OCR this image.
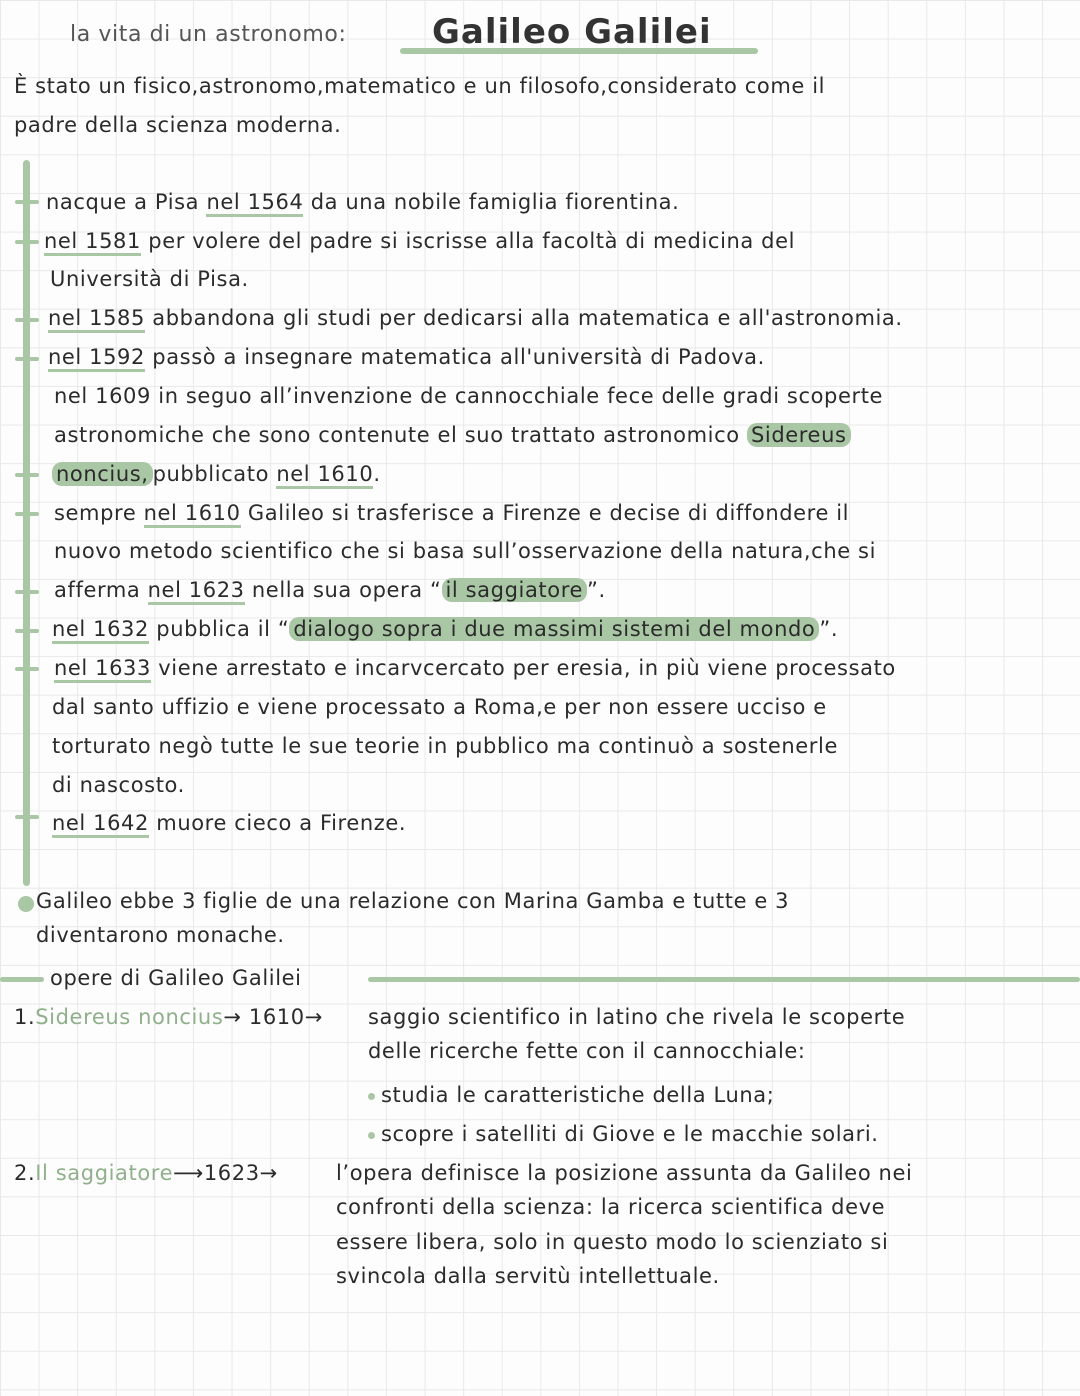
la vita di un astronomo:	Galileo Galilei
È stato un fisico,astronomo,matematico e un filosofo,considerato come il
padre della scienza moderna.
nacque a Pisa nel 1564 da una nobile famiglia fiorentina.
nel 1581 per volere del padre si iscrisse alla facoltà di medicina del
Università di Pisa.
nel 1585 abbandona gli studi per dedicarsi alla matematica e all'astronomia.
nel 1592 passò a insegnare matematica all'università di Padova.
nel 1609 in seguo all’invenzione de cannocchiale fece delle gradi scoperte
astronomiche che sono contenute el suo trattato astronomico Sidereus
noncius, pubblicato nel 1610.
sempre nel 1610 Galileo si trasferisce a Firenze e decise di diffondere il
nuovo metodo scientifico che si basa sull’osservazione della natura,che si
afferma nel 1623 nella sua opera “ il saggiatore ”.
nel 1632 pubblica il “ dialogo sopra i due massimi sistemi del mondo ”.
nel 1633 viene arrestato e incarvcercato per eresia, in più viene processato
dal santo uffizio e viene processato a Roma,e per non essere ucciso e
torturato negò tutte le sue teorie in pubblico ma continuò a sostenerle
di nascosto.
nel 1642 muore cieco a Firenze.
Galileo ebbe 3 figlie de una relazione con Marina Gamba e tutte e 3
diventarono monache.
opere di Galileo Galilei
1.Sidereus noncius→ 1610→ saggio scientifico in latino che rivela le scoperte
delle ricerche fette con il cannocchiale:
studia le caratteristiche della Luna;
scopre i satelliti di Giove e le macchie solari.
2.Il saggiatore⟶1623→	l’opera definisce la posizione assunta da Galileo nei
confronti della scienza: la ricerca scientifica deve
essere libera, solo in questo modo lo scienziato si
svincola dalla servitù intellettuale.
